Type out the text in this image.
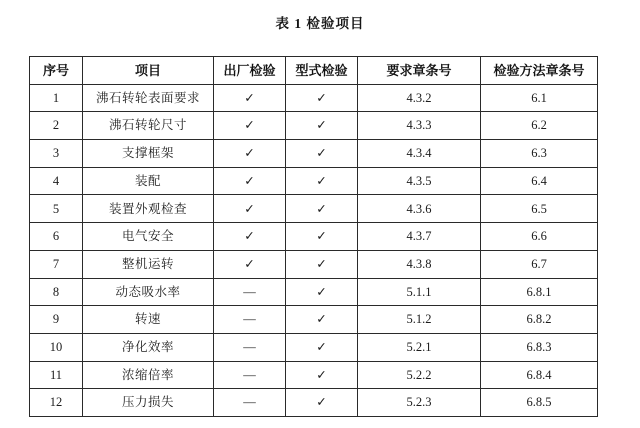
表 1 检验项目
序号	项目	出厂检验	型式检验	要求章条号	检验方法章条号
1	沸石转轮表面要求	✓	✓	4.3.2	6.1
2	沸石转轮尺寸	✓	✓	4.3.3	6.2
3	支撑框架	✓	✓	4.3.4	6.3
4	装配	✓	✓	4.3.5	6.4
5	装置外观检查	✓	✓	4.3.6	6.5
6	电气安全	✓	✓	4.3.7	6.6
7	整机运转	✓	✓	4.3.8	6.7
8	动态吸水率	—	✓	5.1.1	6.8.1
9	转速	—	✓	5.1.2	6.8.2
10	净化效率	—	✓	5.2.1	6.8.3
11	浓缩倍率	—	✓	5.2.2	6.8.4
12	压力损失	—	✓	5.2.3	6.8.5
